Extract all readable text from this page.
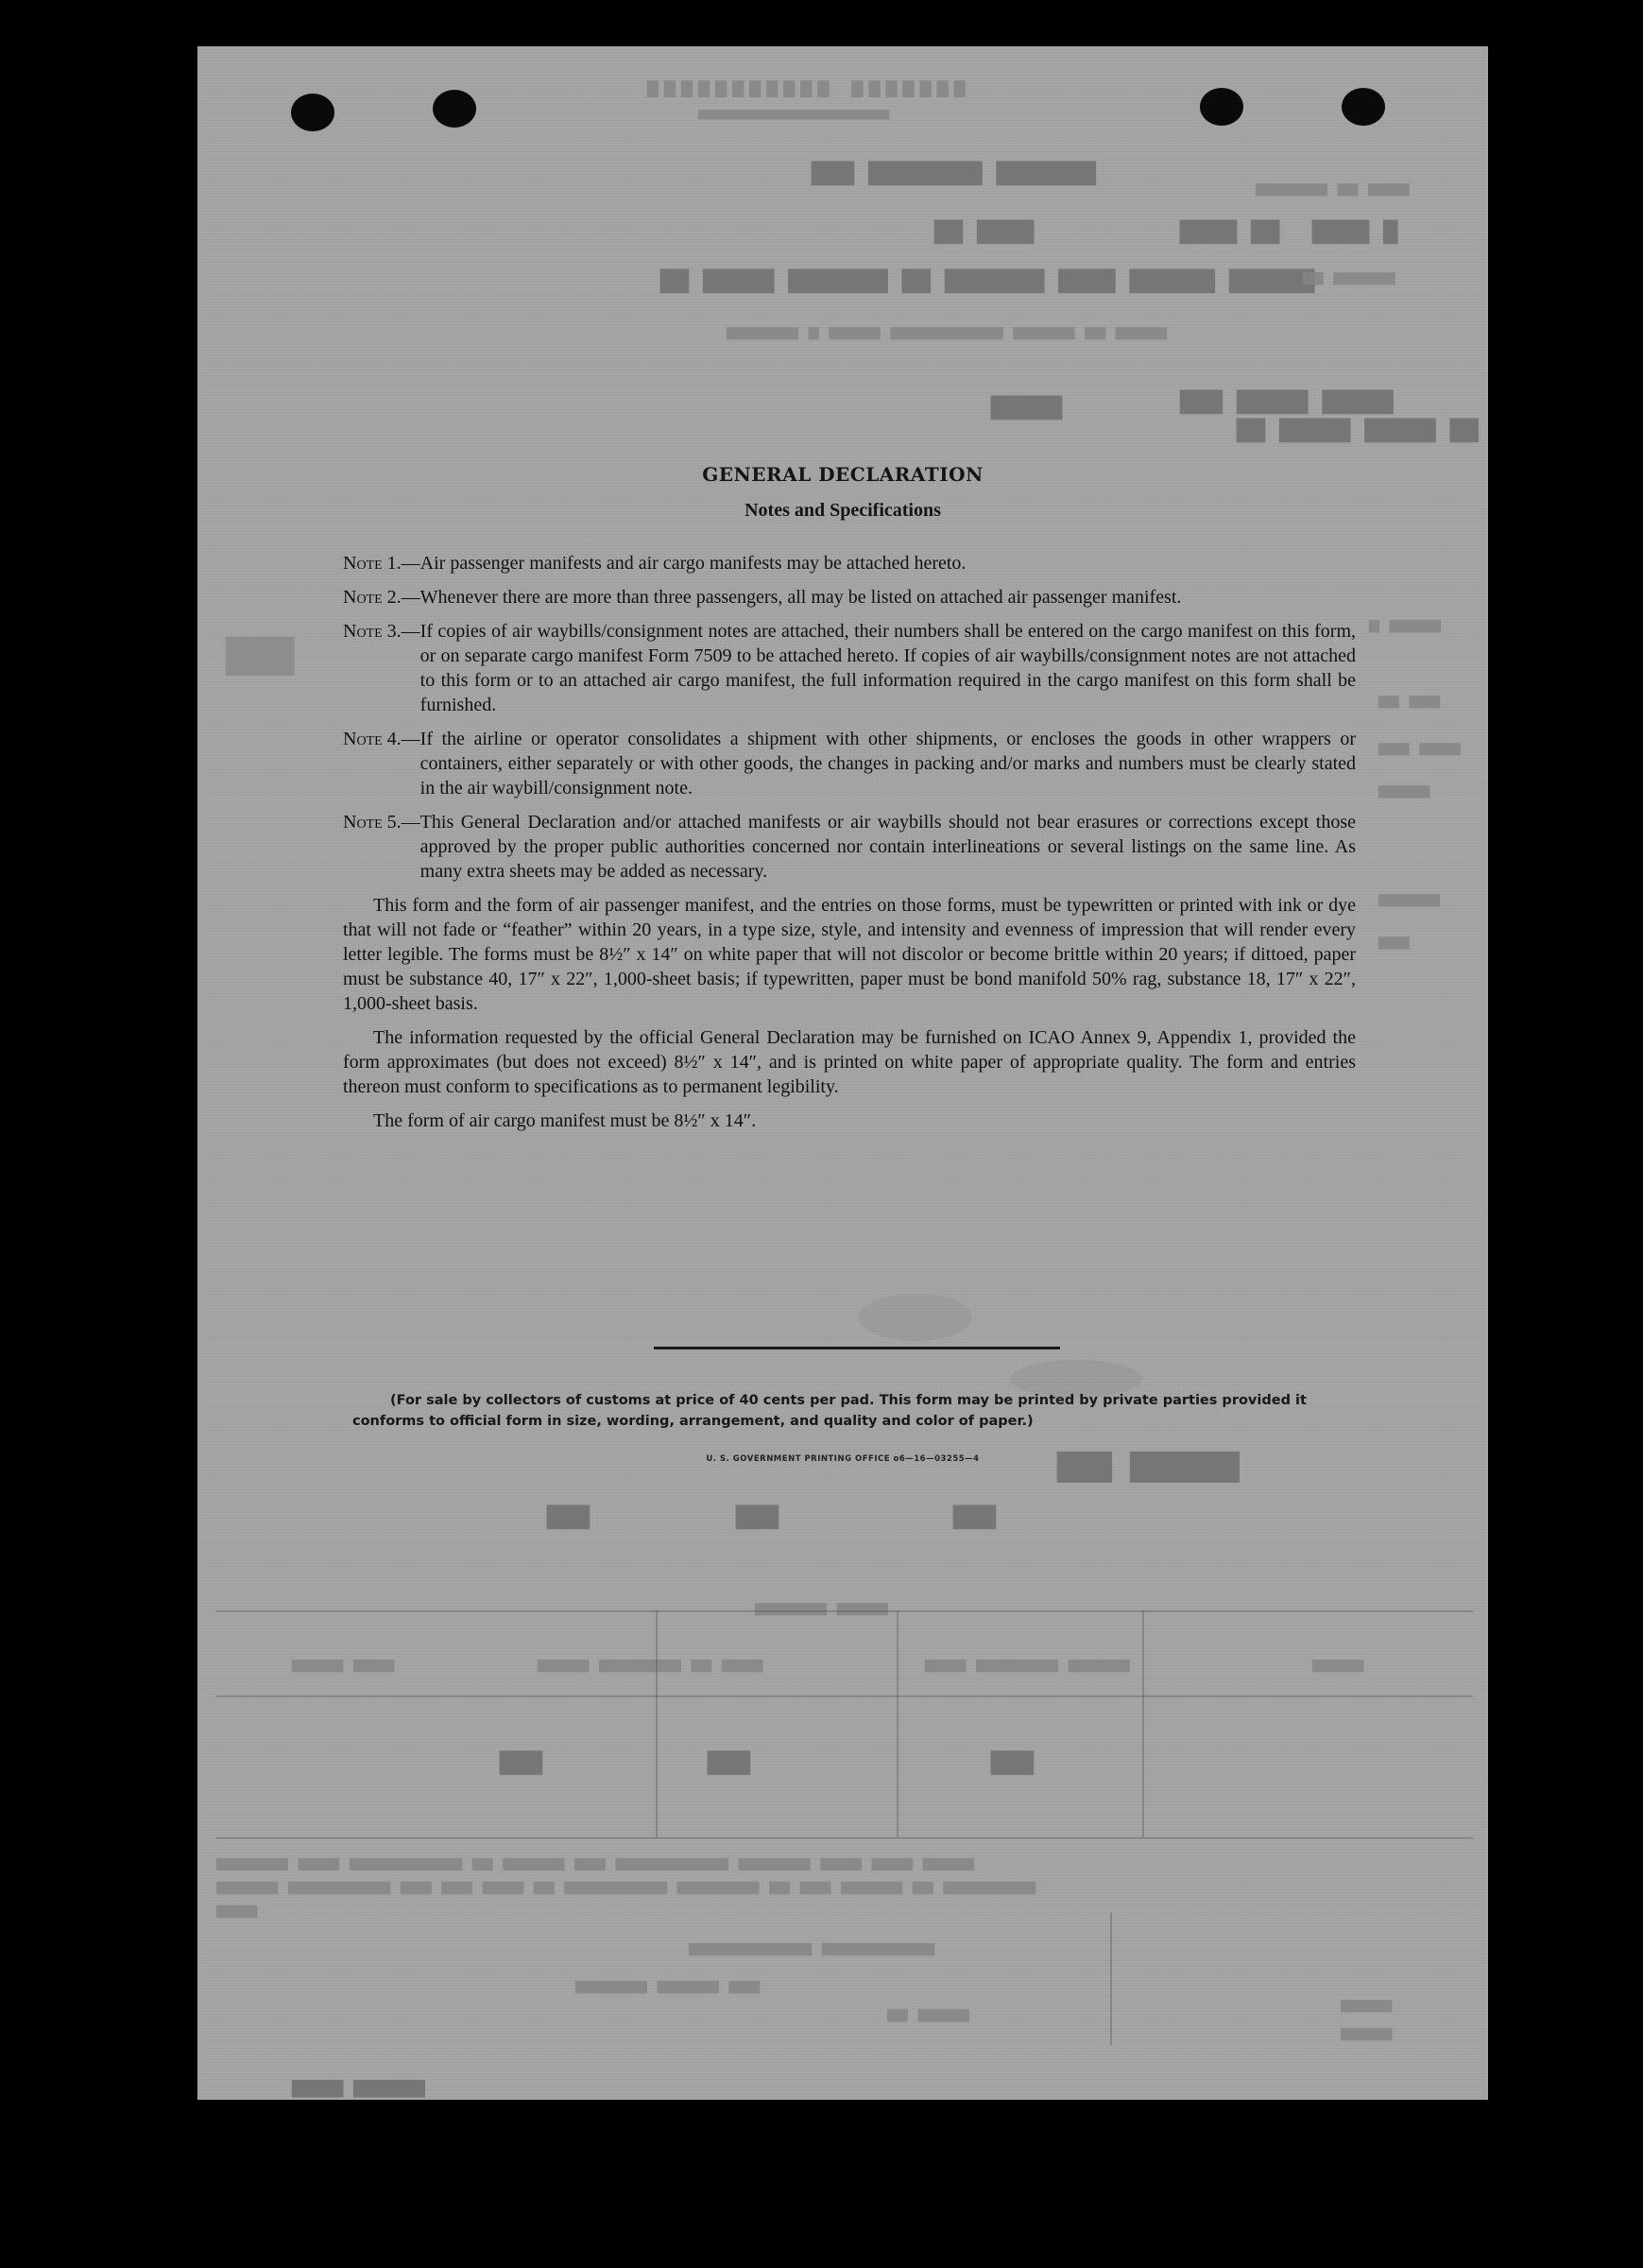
▆▆▆▆▆▆▆ ▆▆▆▆▆▆▆▆▆▆▆
▅▅▅▅▅▅▅▅▅▅▅▅▅▅▅▅▅▅▅▅▅▅▅▅
▇▇▇▇▇▇▇ ▇▇▇▇▇▇▇▇ ▇▇▇
▅▅▅▅ ▅▅ ▅▅▅▅▅▅▅
▇▇ ▇▇▇▇
▇▇▇▇ ▇▇	▇ ▇▇▇▇
▇▇▇▇▇▇ ▇▇▇▇▇▇ ▇▇▇▇ ▇▇▇▇▇▇▇ ▇▇ ▇▇▇▇▇▇▇ ▇▇▇▇▇ ▇▇
▅▅▅▅▅▅ ▅▅
▅▅▅▅▅ ▅▅ ▅▅▅▅▅▅ ▅▅▅▅▅▅▅▅▅▅▅ ▅▅▅▅▅ ▅ ▅▅▅▅▅▅▅
▇▇▇▇▇	▇▇▇▇▇ ▇▇▇▇▇ ▇▇▇
▇▇ ▇▇▇▇▇ ▇▇▇▇▇ ▇▇
▇▇▇
▅▅▅▅▅ ▅
▅▅▅ ▅▅
▅▅▅▅ ▅▅▅
▅▅▅▅▅
▅▅▅▅▅▅
▅▅▅
▇▇▇▇▇▇ ▇▇▇
▇▇▇	▇▇▇	▇▇▇
▅▅▅▅▅ ▅▅▅▅▅▅▅
▅▅▅▅ ▅▅▅▅▅	▅▅▅▅ ▅▅ ▅▅▅▅▅▅▅▅ ▅▅▅▅▅	▅▅▅▅▅▅ ▅▅▅▅▅▅▅▅ ▅▅▅▅	▅▅▅▅▅
▇▇▇	▇▇▇	▇▇▇
▅▅▅▅▅ ▅▅▅▅ ▅▅▅▅ ▅▅▅▅▅▅▅ ▅▅▅▅▅▅▅▅▅▅▅ ▅▅▅ ▅▅▅▅▅▅ ▅▅ ▅▅▅▅▅▅▅▅▅▅▅ ▅▅▅▅ ▅▅▅▅▅▅▅
▅▅▅▅▅▅▅▅▅ ▅▅ ▅▅▅▅▅▅ ▅▅▅ ▅▅ ▅▅▅▅▅▅▅▅ ▅▅▅▅▅▅▅▅▅▅ ▅▅ ▅▅▅▅ ▅▅▅ ▅▅▅ ▅▅▅▅▅▅▅▅▅▅ ▅▅▅▅▅▅
▅▅▅▅
▅▅▅▅▅▅▅▅▅▅▅ ▅▅▅▅▅▅▅▅▅▅▅▅
▅▅▅ ▅▅▅▅▅▅ ▅▅▅▅▅▅▅
▅▅▅▅▅ ▅▅	▅▅▅▅▅
▅▅▅▅▅
▇▇▇▇▇▇▇ ▇▇▇▇▇
GENERAL DECLARATION
Notes and Specifications
Note 1.— Air passenger manifests and air cargo manifests may be attached hereto.
Note 2.— Whenever there are more than three passengers, all may be listed on attached air passenger manifest.
Note 3.— If copies of air waybills/consignment notes are attached, their numbers shall be entered on the cargo manifest on this form, or on separate cargo manifest Form 7509 to be attached hereto. If copies of air waybills/consignment notes are not attached to this form or to an attached air cargo manifest, the full information required in the cargo manifest on this form shall be furnished.
Note 4.— If the airline or operator consolidates a shipment with other shipments, or encloses the goods in other wrappers or containers, either separately or with other goods, the changes in packing and/or marks and numbers must be clearly stated in the air waybill/consignment note.
Note 5.— This General Declaration and/or attached manifests or air waybills should not bear erasures or corrections except those approved by the proper public authorities concerned nor contain interlineations or several listings on the same line. As many extra sheets may be added as necessary.

This form and the form of air passenger manifest, and the entries on those forms, must be typewritten or printed with ink or dye that will not fade or “feather” within 20 years, in a type size, style, and intensity and evenness of impression that will render every letter legible. The forms must be 8½″ x 14″ on white paper that will not discolor or become brittle within 20 years; if dittoed, paper must be substance 40, 17″ x 22″, 1,000-sheet basis; if typewritten, paper must be bond manifold 50% rag, substance 18, 17″ x 22″, 1,000-sheet basis.

The information requested by the official General Declaration may be furnished on ICAO Annex 9, Appendix 1, provided the form approximates (but does not exceed) 8½″ x 14″, and is printed on white paper of appropriate quality. The form and entries thereon must conform to specifications as to permanent legibility.

The form of air cargo manifest must be 8½″ x 14″.

(For sale by collectors of customs at price of 40 cents per pad. This form may be printed by private parties provided it conforms to official form in size, wording, arrangement, and quality and color of paper.)
U. S. GOVERNMENT PRINTING OFFICE o6—16—03255—4
